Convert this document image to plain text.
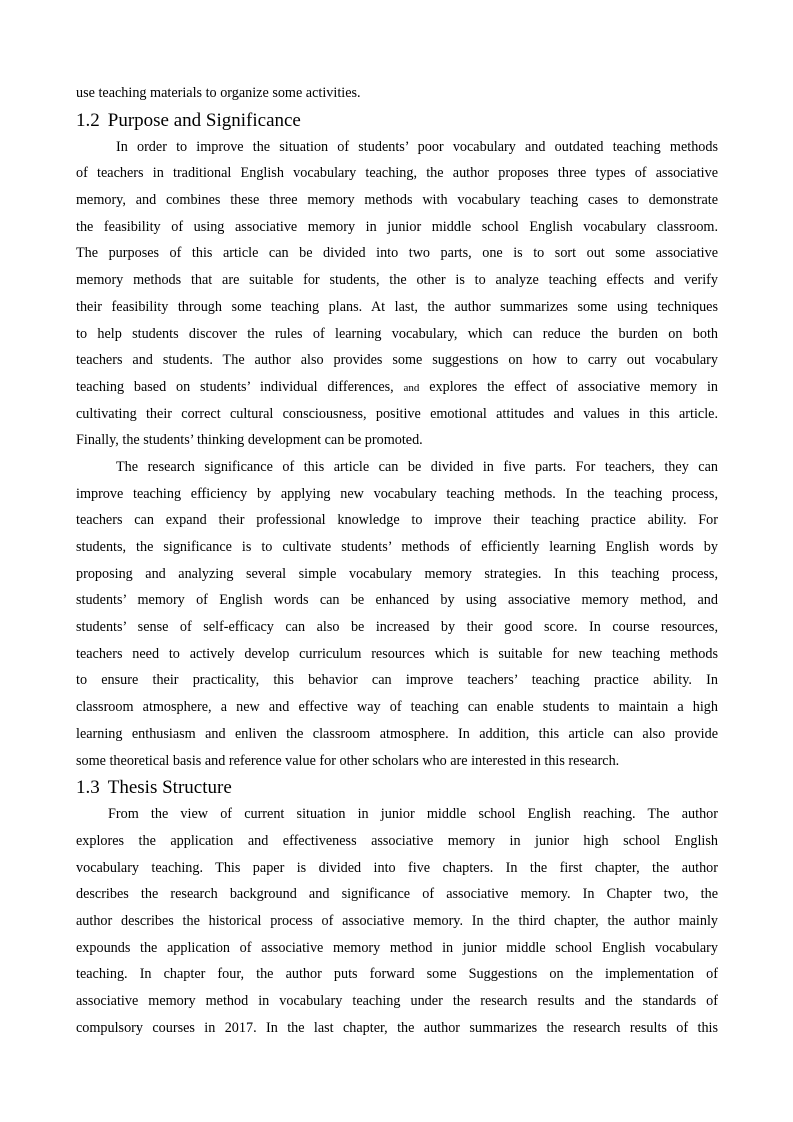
use teaching materials to organize some activities.
1.2 Purpose and Significance
In order to improve the situation of students’ poor vocabulary and outdated teaching methods
of teachers in traditional English vocabulary teaching, the author proposes three types of associative
memory, and combines these three memory methods with vocabulary teaching cases to demonstrate
the feasibility of using associative memory in junior middle school English vocabulary classroom.
The purposes of this article can be divided into two parts, one is to sort out some associative
memory methods that are suitable for students, the other is to analyze teaching effects and verify
their feasibility through some teaching plans. At last, the author summarizes some using techniques
to help students discover the rules of learning vocabulary, which can reduce the burden on both
teachers and students. The author also provides some suggestions on how to carry out vocabulary
teaching based on students’ individual differences, and explores the effect of associative memory in
cultivating their correct cultural consciousness, positive emotional attitudes and values in this article.
Finally, the students’ thinking development can be promoted.
The research significance of this article can be divided in five parts. For teachers, they can
improve teaching efficiency by applying new vocabulary teaching methods. In the teaching process,
teachers can expand their professional knowledge to improve their teaching practice ability. For
students, the significance is to cultivate students’ methods of efficiently learning English words by
proposing and analyzing several simple vocabulary memory strategies. In this teaching process,
students’ memory of English words can be enhanced by using associative memory method, and
students’ sense of self-efficacy can also be increased by their good score. In course resources,
teachers need to actively develop curriculum resources which is suitable for new teaching methods
to ensure their practicality, this behavior can improve teachers’ teaching practice ability. In
classroom atmosphere, a new and effective way of teaching can enable students to maintain a high
learning enthusiasm and enliven the classroom atmosphere. In addition, this article can also provide
some theoretical basis and reference value for other scholars who are interested in this research.
1.3 Thesis Structure
From the view of current situation in junior middle school English reaching. The author
explores the application and effectiveness associative memory in junior high school English
vocabulary teaching. This paper is divided into five chapters. In the first chapter, the author
describes the research background and significance of associative memory. In Chapter two, the
author describes the historical process of associative memory. In the third chapter, the author mainly
expounds the application of associative memory method in junior middle school English vocabulary
teaching. In chapter four, the author puts forward some Suggestions on the implementation of
associative memory method in vocabulary teaching under the research results and the standards of
compulsory courses in 2017. In the last chapter, the author summarizes the research results of this
